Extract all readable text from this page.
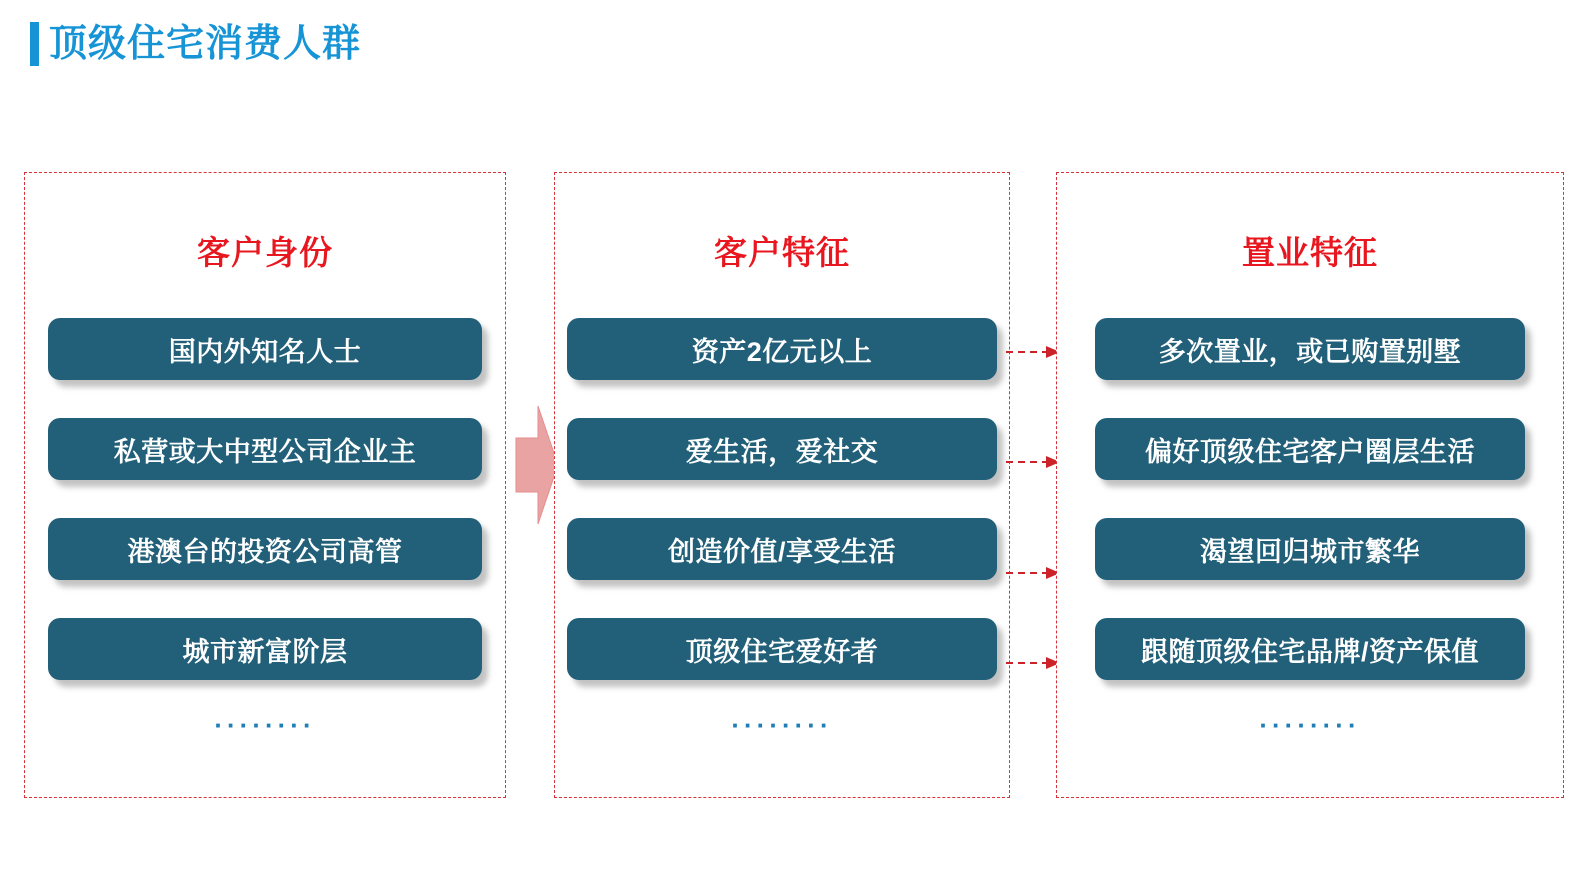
顶级住宅消费人群
客户身份
国内外知名人士
私营或大中型公司企业主
港澳台的投资公司高管
城市新富阶层
········
客户特征
资产2亿元以上
爱生活，爱社交
创造价值/享受生活
顶级住宅爱好者
········
置业特征
多次置业，或已购置别墅
偏好顶级住宅客户圈层生活
渴望回归城市繁华
跟随顶级住宅品牌/资产保值
········
